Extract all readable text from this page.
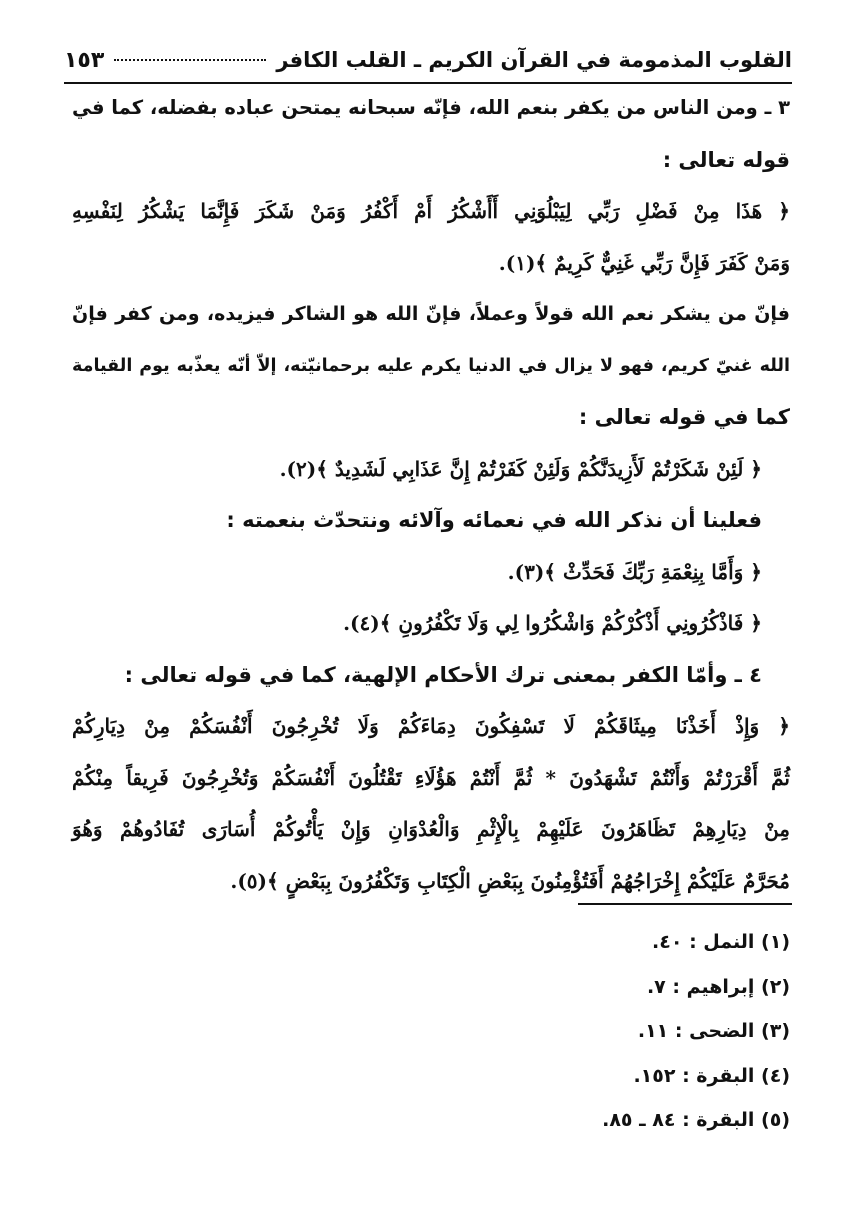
القلوب المذمومة في القرآن الكريم ـ القلب الكافر
١٥٣
٣ ـ ومن الناس من يكفر بنعم الله، فإنّه سبحانه يمتحن عباده بفضله، كما في
قوله تعالى :
﴿ هَذَا مِنْ فَضْلِ رَبِّي لِيَبْلُوَنِي أَأَشْكُرُ أَمْ أَكْفُرُ وَمَنْ شَكَرَ فَإِنَّمَا يَشْكُرُ لِنَفْسِهِ
وَمَنْ كَفَرَ فَإِنَّ رَبِّي غَنِيٌّ كَرِيمٌ ﴾(١).
فإنّ من يشكر نعم الله قولاً وعملاً، فإنّ الله هو الشاكر فيزيده، ومن كفر فإنّ
الله غنيّ كريم، فهو لا يزال في الدنيا يكرم عليه برحمانيّته، إلاّ أنّه يعذّبه يوم القيامة
كما في قوله تعالى :
﴿ لَئِنْ شَكَرْتُمْ لَأَزِيدَنَّكُمْ وَلَئِنْ كَفَرْتُمْ إِنَّ عَذَابِي لَشَدِيدٌ ﴾(٢).
فعلينا أن نذكر الله في نعمائه وآلائه ونتحدّث بنعمته :
﴿ وَأَمَّا بِنِعْمَةِ رَبِّكَ فَحَدِّثْ ﴾(٣).
﴿ فَاذْكُرُونِي أَذْكُرْكُمْ وَاشْكُرُوا لِي وَلَا تَكْفُرُونِ ﴾(٤).
٤ ـ وأمّا الكفر بمعنى ترك الأحكام الإلهية، كما في قوله تعالى :
﴿ وَإِذْ أَخَذْنَا مِيثَاقَكُمْ لَا تَسْفِكُونَ دِمَاءَكُمْ وَلَا تُخْرِجُونَ أَنْفُسَكُمْ مِنْ دِيَارِكُمْ
ثُمَّ أَقْرَرْتُمْ وَأَنْتُمْ تَشْهَدُونَ * ثُمَّ أَنْتُمْ هَؤُلَاءِ تَقْتُلُونَ أَنْفُسَكُمْ وَتُخْرِجُونَ فَرِيقاً مِنْكُمْ
مِنْ دِيَارِهِمْ تَظَاهَرُونَ عَلَيْهِمْ بِالْإِثْمِ وَالْعُدْوَانِ وَإِنْ يَأْتُوكُمْ أُسَارَى تُفَادُوهُمْ وَهُوَ
مُحَرَّمٌ عَلَيْكُمْ إِخْرَاجُهُمْ أَفَتُؤْمِنُونَ بِبَعْضِ الْكِتَابِ وَتَكْفُرُونَ بِبَعْضٍ ﴾(٥).
(١) النمل : ٤٠.
(٢) إبراهيم : ٧.
(٣) الضحى : ١١.
(٤) البقرة : ١٥٢.
(٥) البقرة : ٨٤ ـ ٨٥.
